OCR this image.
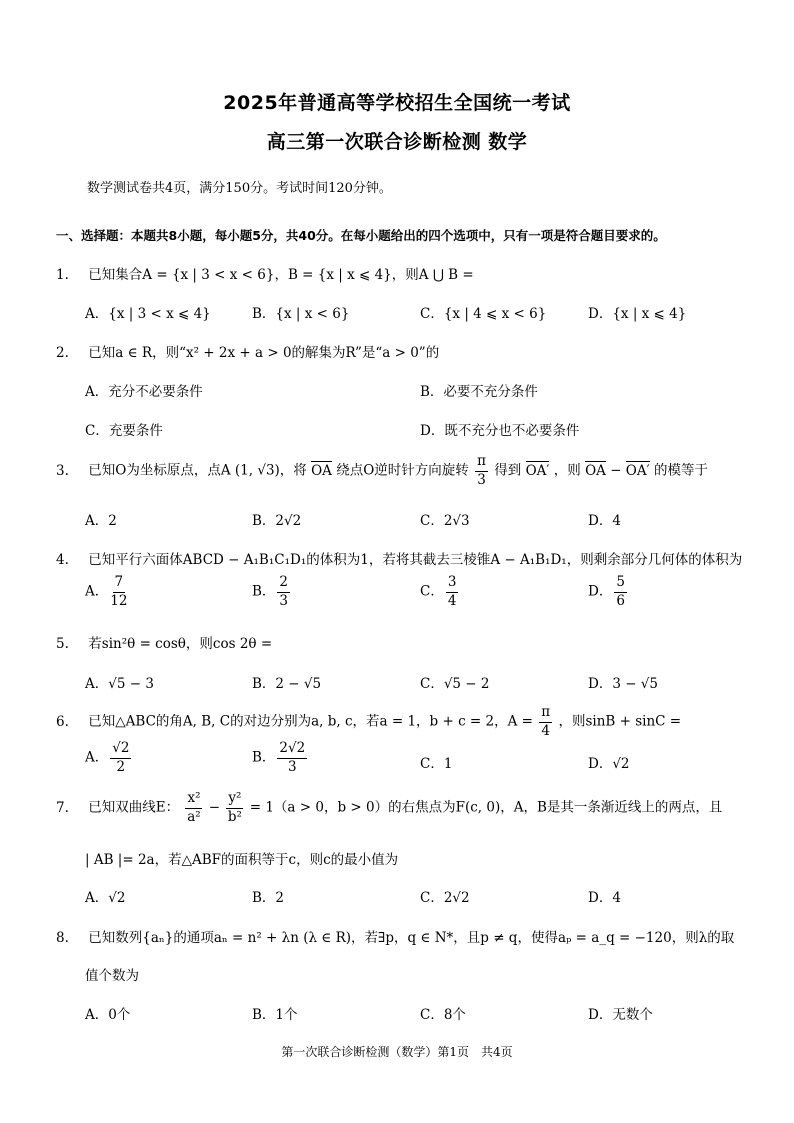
2025年普通高等学校招生全国统一考试
高三第一次联合诊断检测 数学
数学测试卷共4页，满分150分。考试时间120分钟。
一、选择题：本题共8小题，每小题5分，共40分。在每小题给出的四个选项中，只有一项是符合题目要求的。
1. 已知集合A = {x | 3 < x < 6}，B = {x | x ⩽ 4}，则A ⋃ B =
A．{x | 3 < x ⩽ 4}	B．{x | x < 6}	C．{x | 4 ⩽ x < 6}	D．{x | x ⩽ 4}
2. 已知a ∈ R，则“x² + 2x + a > 0的解集为R”是“a > 0”的
A．充分不必要条件	B．必要不充分条件
C．充要条件	D．既不充分也不必要条件
3. 已知O为坐标原点，点A (1, √3)，将 OA 绕点O逆时针方向旋转 $\frac{\pi}{3}$ 得到 OA′ ，则 OA − OA′ 的模等于
A．2	B．2√2	C．2√3	D．4
4. 已知平行六面体ABCD − A₁B₁C₁D₁的体积为1，若将其截去三棱锥A − A₁B₁D₁，则剩余部分几何体的体积为
A． $\frac{7}{12}$	B． $\frac{2}{3}$	C． $\frac{3}{4}$	D． $\frac{5}{6}$
5. 若sin²θ = cosθ，则cos 2θ =
A．√5 − 3	B．2 − √5	C．√5 − 2	D．3 − √5
6. 已知△ABC的角A, B, C的对边分别为a, b, c，若a = 1，b + c = 2，$A = \frac{\pi}{4}$ ，则sinB + sinC =
A． $\frac{√2}{2}$	B． $\frac{2√2}{3}$	C．1	D．√2
7. 已知双曲线E： $\frac{\text{x²}}{\text{a²}} - \frac{\text{y²}}{\text{b²}} = 1(a > 0$，b > 0）的右焦点为F(c, 0)，A，B是其一条渐近线上的两点，且
| AB |= 2a，若△ABF的面积等于c，则c的最小值为
A．√2	B．2	C．2√2	D．4
8. 已知数列{aₙ}的通项aₙ = n² + λn (λ ∈ R)，若∃p，q ∈ N*，且p ≠ q，使得aₚ = a_q = −120，则λ的取
值个数为
A．0个	B．1个	C．8个	D．无数个
第一次联合诊断检测（数学）第1页　共4页
